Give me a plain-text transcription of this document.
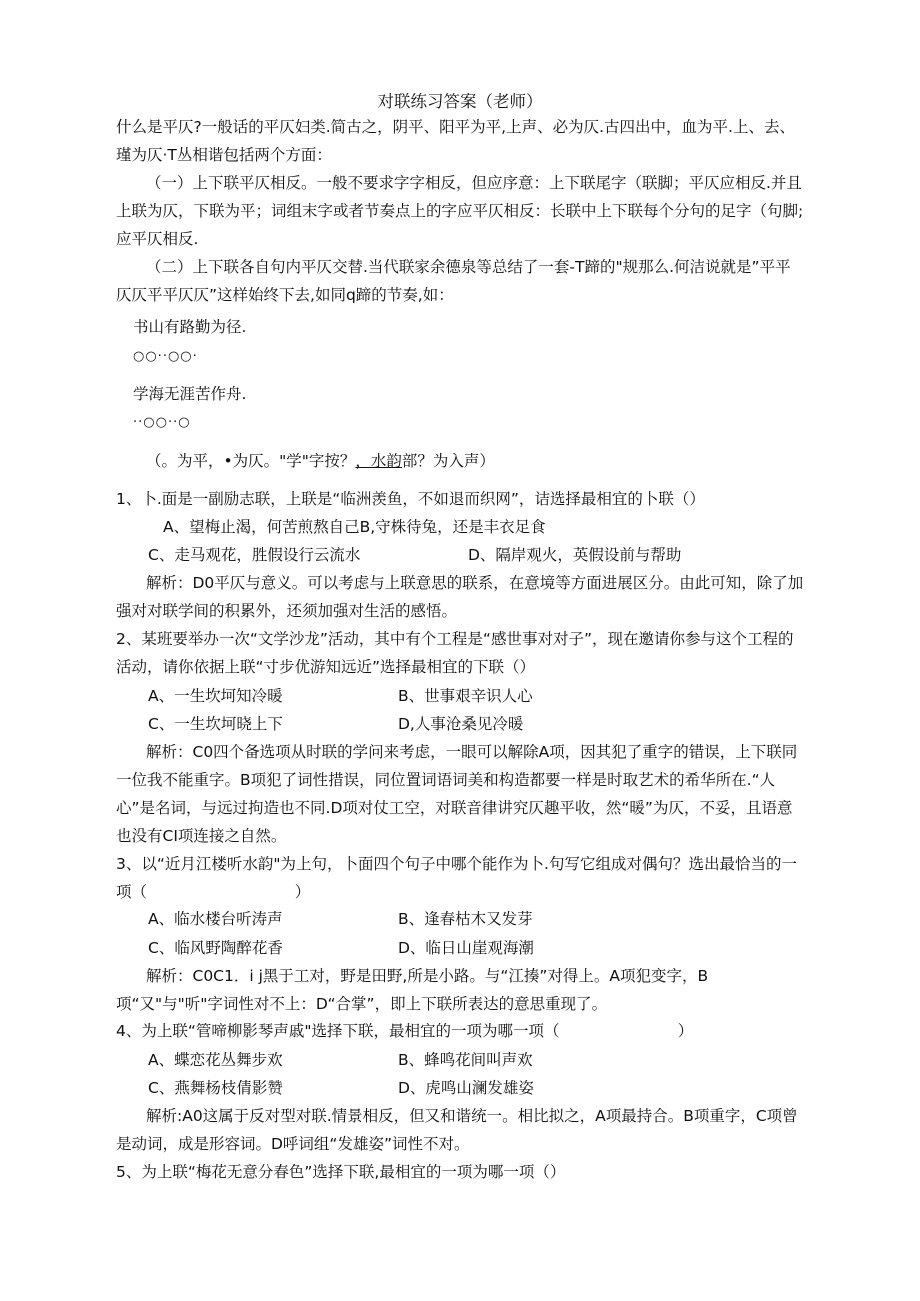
对联练习答案（老师）
什么是平仄?一般话的平仄妇类.简古之，阴平、阳平为平,上声、必为仄.古四出中，血为平.上、去、瑾为仄·T丛相谐包括两个方面：
（一）上下联平仄相反。一般不要求字字相反，但应序意：上下联尾字（联脚；平仄应相反.并且上联为仄，下联为平；词组末字或者节奏点上的字应平仄相反：长联中上下联每个分句的足字（句脚;应平仄相反.
（二）上下联各自句内平仄交替.当代联家余德泉等总结了一套-T蹄的"规那么.何洁说就是”平平仄仄平平仄仄”这样始终下去,如同q蹄的节奏,如：
书山有路勤为径.
○○··○○·
学海无涯苦作舟.
··○○··○
（。为平，•为仄。"学"字按？，水韵部？为入声）
1、卜.面是一副励志联，上联是“临洲羡鱼，不如退而织网”，诘选择最相宜的卜联（）
A、望梅止渴，何苦煎熬自己B,守株待兔，还是丰衣足食
C、走马观花，胜假设行云流水	D、隔岸观火，英假设前与帮助
解析：D0平仄与意义。可以考虑与上联意思的联系，在意境等方面进展区分。由此可知，除了加强对对联学间的积累外，还须加强对生活的感悟。
2、某班要举办一次“文学沙龙”活动，其中有个工程是“感世事对对子”，现在邀请你参与这个工程的活动，请你依据上联“寸步优游知远近”选择最相宜的下联（）
A、一生坎坷知冷暖	B、世事艰辛识人心
C、一生坎坷晓上下	D,人事沧桑见冷暖
解析：C0四个备选项从时联的学问来考虑，一眼可以解除A项，因其犯了重字的错误，上下联同一位我不能重字。B项犯了词性措误，同位置词语词美和构造都要一样是时取艺术的希华所在.“人心”是名词，与远过拘造也不同.D项对仗工空，对联音律讲究仄趣平收，然“暖”为仄，不妥，且语意也没有CI项连接之自然。
3、以“近月江楼听水韵"为上句，卜面四个句子中哪个能作为卜.句写它组成对偶句？选出最恰当的一项（                              ）
A、临水楼台听涛声	B、逢春枯木又发芽
C、临风野陶醉花香	D、临日山崖观海潮
解析：C0C1．i j黑于工对，野是田野,所是小路。与“江揍”对得上。A项犯变字，B项“又"与"听"字词性对不上：D“合掌”，即上下联所表达的意思重现了。
4、为上联“管啼柳影琴声戚"选择下联，最相宜的一项为哪一项（                        ）
A、蝶恋花丛舞步欢	B、蜂鸣花间叫声欢
C、燕舞杨枝倩影赞	D、虎鸣山澜发雄姿
解析:A0这属于反对型对联.情景相反，但又和谐统一。相比拟之，A项最持合。B项重字，C项曾是动词，成是形容词。D呼词组“发雄姿”词性不对。
5、为上联“梅花无意分春色”选择下联,最相宜的一项为哪一项（）
